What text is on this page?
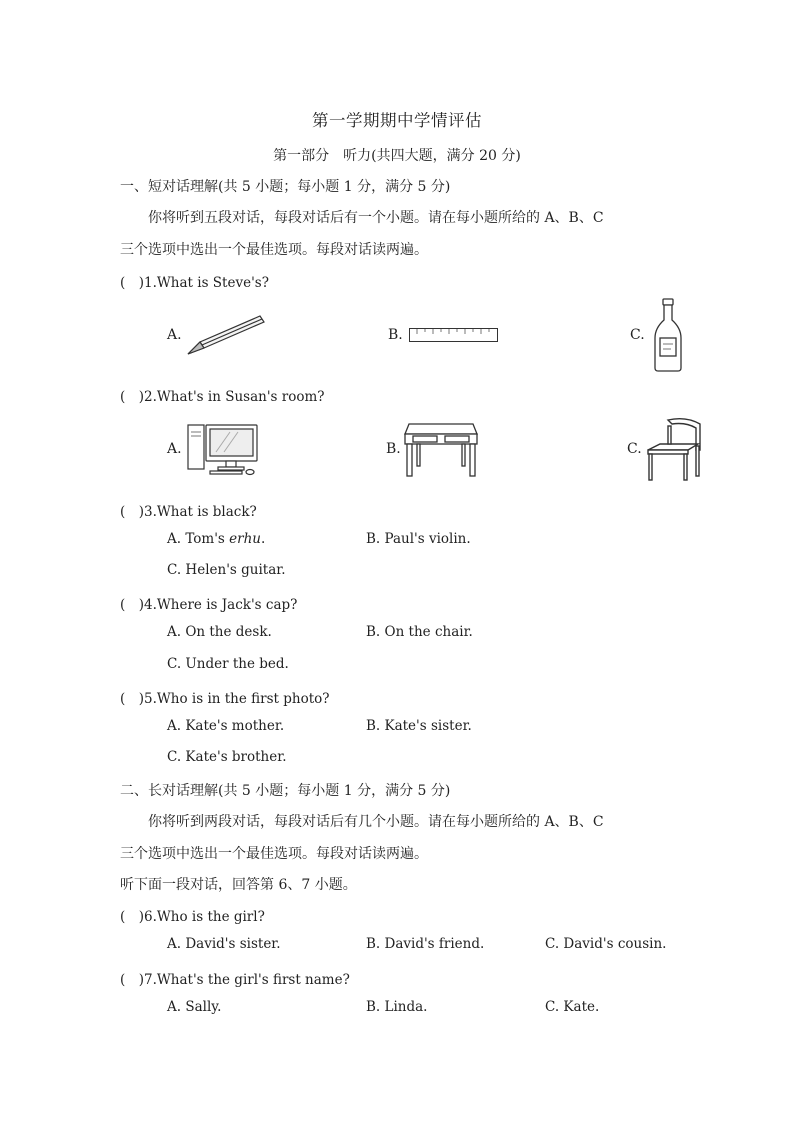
第一学期期中学情评估
第一部分　听力(共四大题，满分 20 分)
一、短对话理解(共 5 小题；每小题 1 分，满分 5 分)
你将听到五段对话，每段对话后有一个小题。请在每小题所给的 A、B、C
三个选项中选出一个最佳选项。每段对话读两遍。
(　)1.What is Steve's?
A.	B.	C.
(　)2.What's in Susan's room?
A.	B.	C.
(　)3.What is black?
A. Tom's erhu.	B. Paul's violin.
C. Helen's guitar.
(　)4.Where is Jack's cap?
A. On the desk.	B. On the chair.
C. Under the bed.
(　)5.Who is in the first photo?
A. Kate's mother.	B. Kate's sister.
C. Kate's brother.
二、长对话理解(共 5 小题；每小题 1 分，满分 5 分)
你将听到两段对话，每段对话后有几个小题。请在每小题所给的 A、B、C
三个选项中选出一个最佳选项。每段对话读两遍。
听下面一段对话，回答第 6、7 小题。
(　)6.Who is the girl?
A. David's sister.	B. David's friend.	C. David's cousin.
(　)7.What's the girl's first name?
A. Sally.	B. Linda.	C. Kate.
